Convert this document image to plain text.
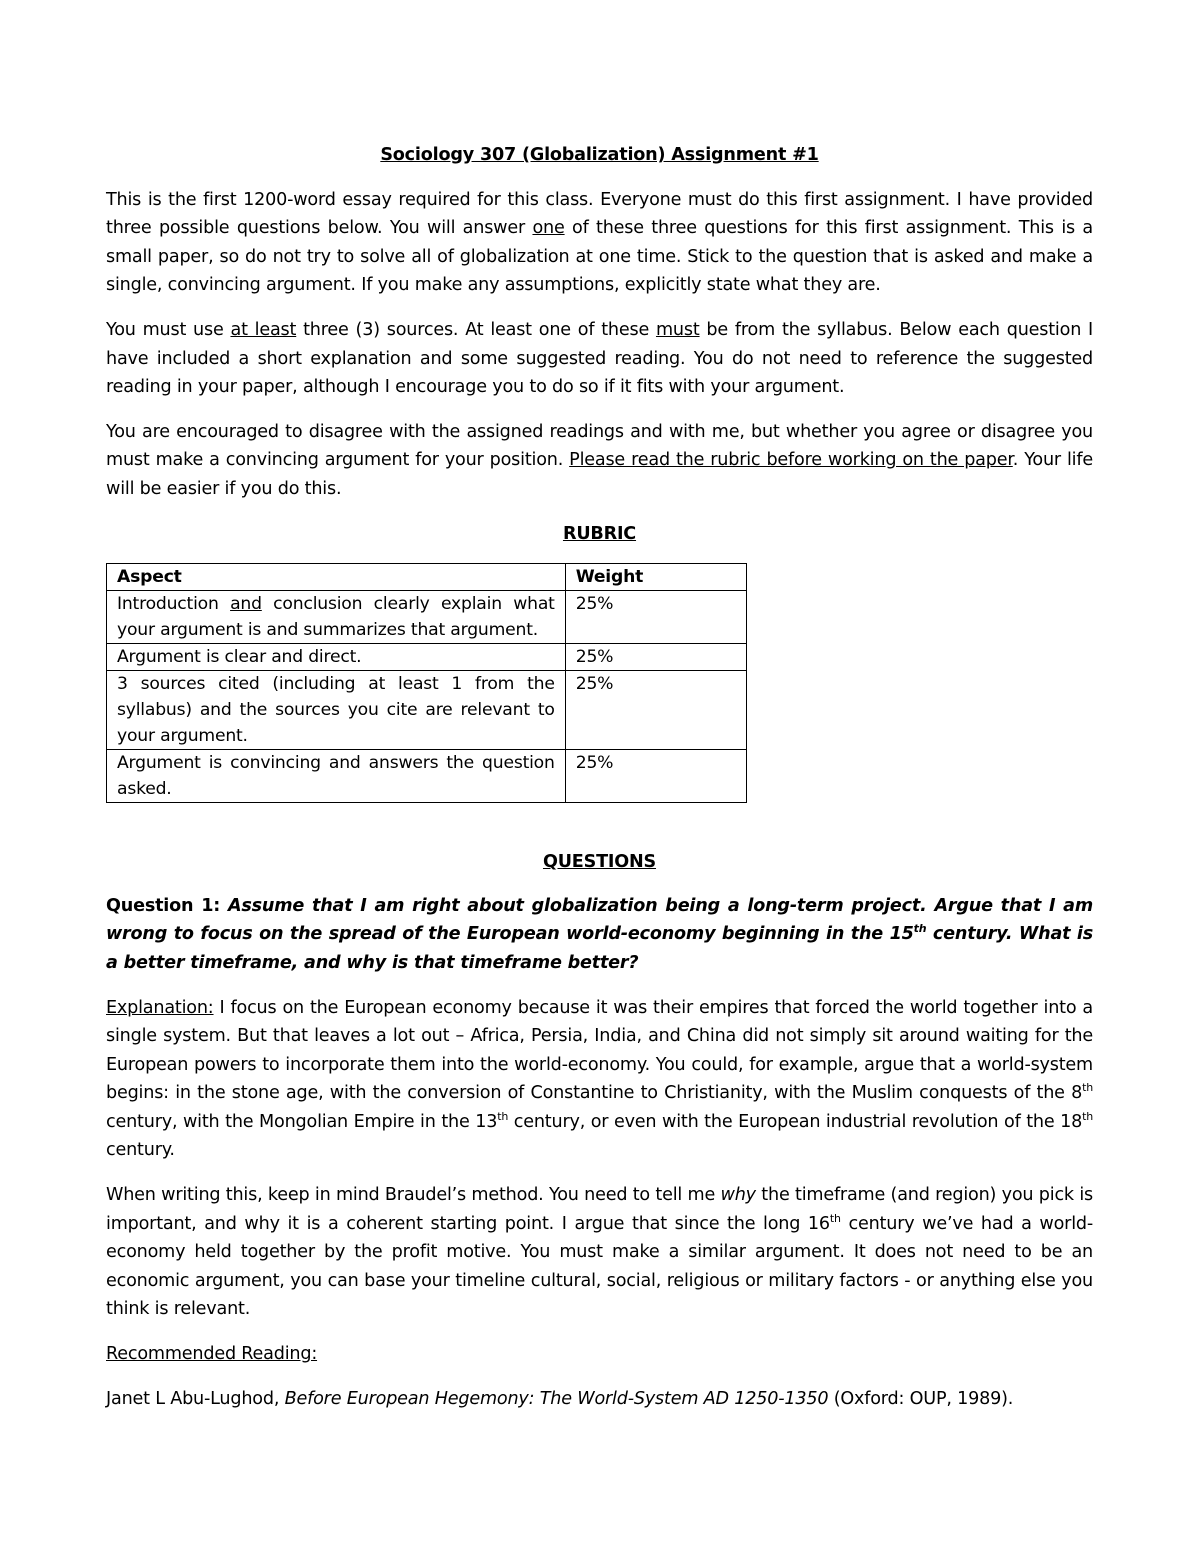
Sociology 307 (Globalization) Assignment #1

This is the first 1200-word essay required for this class. Everyone must do this first assignment. I have provided three possible questions below. You will answer one of these three questions for this first assignment. This is a small paper, so do not try to solve all of globalization at one time. Stick to the question that is asked and make a single, convincing argument. If you make any assumptions, explicitly state what they are.

You must use at least three (3) sources. At least one of these must be from the syllabus. Below each question I have included a short explanation and some suggested reading. You do not need to reference the suggested reading in your paper, although I encourage you to do so if it fits with your argument.

You are encouraged to disagree with the assigned readings and with me, but whether you agree or disagree you must make a convincing argument for your position. Please read the rubric before working on the paper. Your life will be easier if you do this.

RUBRIC
Aspect	Weight
Introduction and conclusion clearly explain what your argument is and summarizes that argument.	25%
Argument is clear and direct.	25%
3 sources cited (including at least 1 from the syllabus) and the sources you cite are relevant to your argument.	25%
Argument is convincing and answers the question asked.	25%
QUESTIONS

Question 1: Assume that I am right about globalization being a long-term project. Argue that I am wrong to focus on the spread of the European world-economy beginning in the 15th century. What is a better timeframe, and why is that timeframe better?

Explanation: I focus on the European economy because it was their empires that forced the world together into a single system. But that leaves a lot out – Africa, Persia, India, and China did not simply sit around waiting for the European powers to incorporate them into the world-economy. You could, for example, argue that a world-system begins: in the stone age, with the conversion of Constantine to Christianity, with the Muslim conquests of the 8th century, with the Mongolian Empire in the 13th century, or even with the European industrial revolution of the 18th century.

When writing this, keep in mind Braudel’s method. You need to tell me why the timeframe (and region) you pick is important, and why it is a coherent starting point. I argue that since the long 16th century we’ve had a world-economy held together by the profit motive. You must make a similar argument. It does not need to be an economic argument, you can base your timeline cultural, social, religious or military factors - or anything else you think is relevant.

Recommended Reading:

Janet L Abu-Lughod, Before European Hegemony: The World-System AD 1250-1350 (Oxford: OUP, 1989).
